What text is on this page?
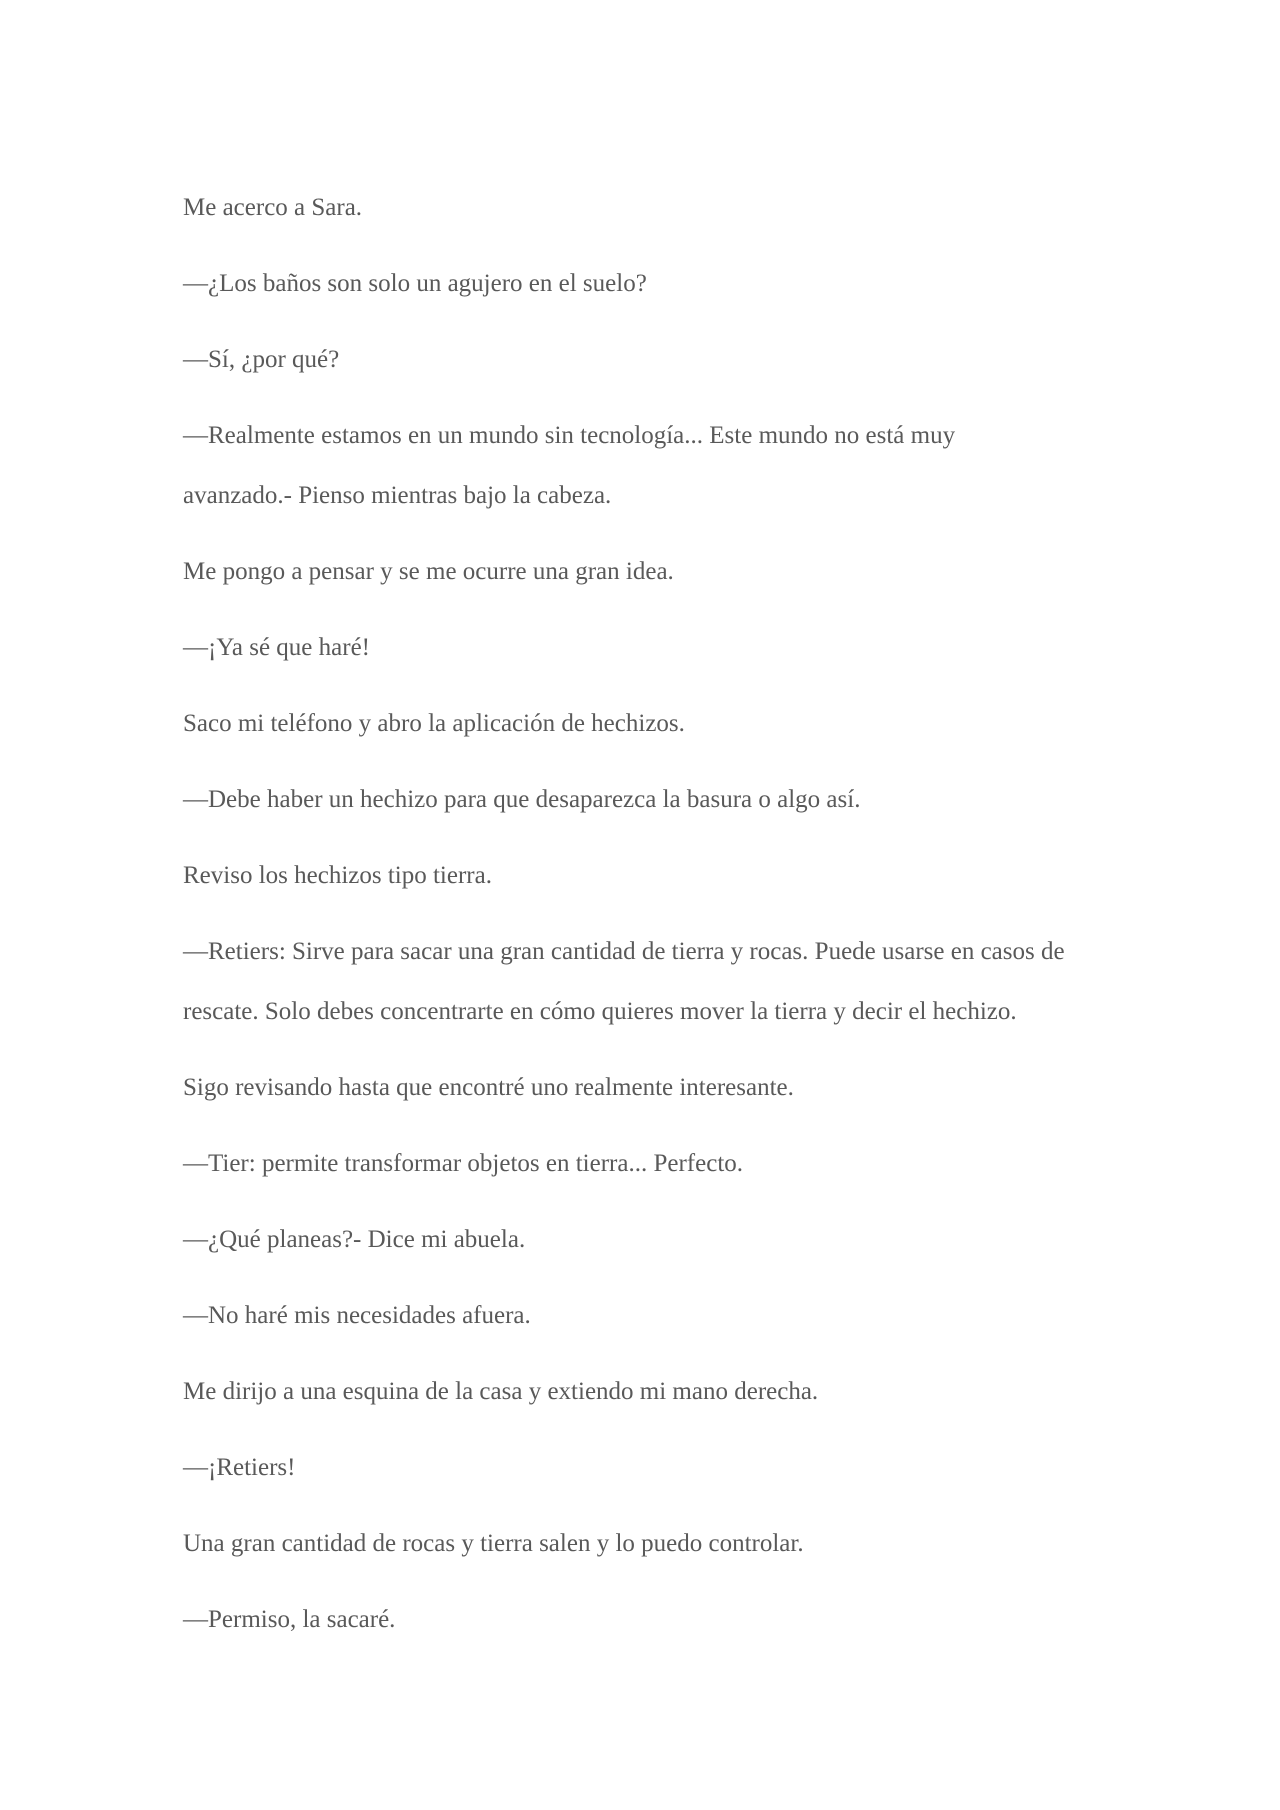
Me acerco a Sara.

—¿Los baños son solo un agujero en el suelo?

—Sí, ¿por qué?

—Realmente estamos en un mundo sin tecnología... Este mundo no está muy avanzado.- Pienso mientras bajo la cabeza.

Me pongo a pensar y se me ocurre una gran idea.

—¡Ya sé que haré!

Saco mi teléfono y abro la aplicación de hechizos.

—Debe haber un hechizo para que desaparezca la basura o algo así.

Reviso los hechizos tipo tierra.

—Retiers: Sirve para sacar una gran cantidad de tierra y rocas. Puede usarse en casos de rescate. Solo debes concentrarte en cómo quieres mover la tierra y decir el hechizo.

Sigo revisando hasta que encontré uno realmente interesante.

—Tier: permite transformar objetos en tierra... Perfecto.

—¿Qué planeas?- Dice mi abuela.

—No haré mis necesidades afuera.

Me dirijo a una esquina de la casa y extiendo mi mano derecha.

—¡Retiers!

Una gran cantidad de rocas y tierra salen y lo puedo controlar.

—Permiso, la sacaré.
